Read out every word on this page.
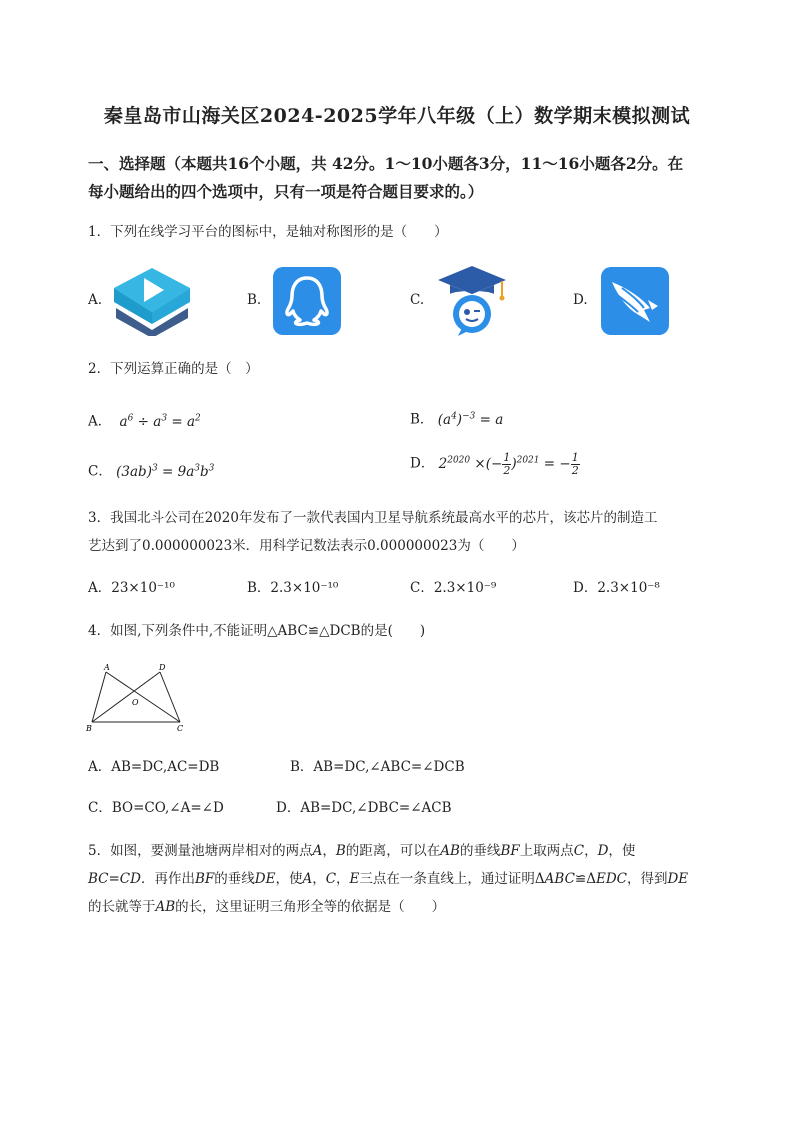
秦皇岛市山海关区2024-2025学年八年级（上）数学期末模拟测试
一、选择题（本题共16个小题，共 42分。1～10小题各3分，11～16小题各2分。在
每小题给出的四个选项中，只有一项是符合题目要求的。）
1．下列在线学习平台的图标中，是轴对称图形的是（　　）
A.	B.	C.	D.
2．下列运算正确的是（　）
A． $a^6 \div a^3 = a^2$	B． $(a^4)^{-3} = a$
C． $(3ab)^3 = 9a^3b^3$	D． $2^{2020}$ ×(− $\frac{1}{2} )^{2021}$ = − $\frac{1}{2}$
3．我国北斗公司在2020年发布了一款代表国内卫星导航系统最高水平的芯片，该芯片的制造工
艺达到了0.000000023米．用科学记数法表示0.000000023为（　　）
A．23×10⁻¹⁰	B．2.3×10⁻¹⁰	C．2.3×10⁻⁹	D．2.3×10⁻⁸
4．如图,下列条件中,不能证明△ABC≌△DCB的是(　　)
A	D
O
B	C
A．AB=DC,AC=DB	B．AB=DC,∠ABC=∠DCB
C．BO=CO,∠A=∠D	D．AB=DC,∠DBC=∠ACB
5．如图，要测量池塘两岸相对的两点A，B的距离，可以在AB的垂线BF上取两点C，D，使
BC=CD．再作出BF的垂线DE，使A，C，E三点在一条直线上，通过证明ΔABC≌ΔEDC，得到DE
的长就等于AB的长，这里证明三角形全等的依据是（　　）
